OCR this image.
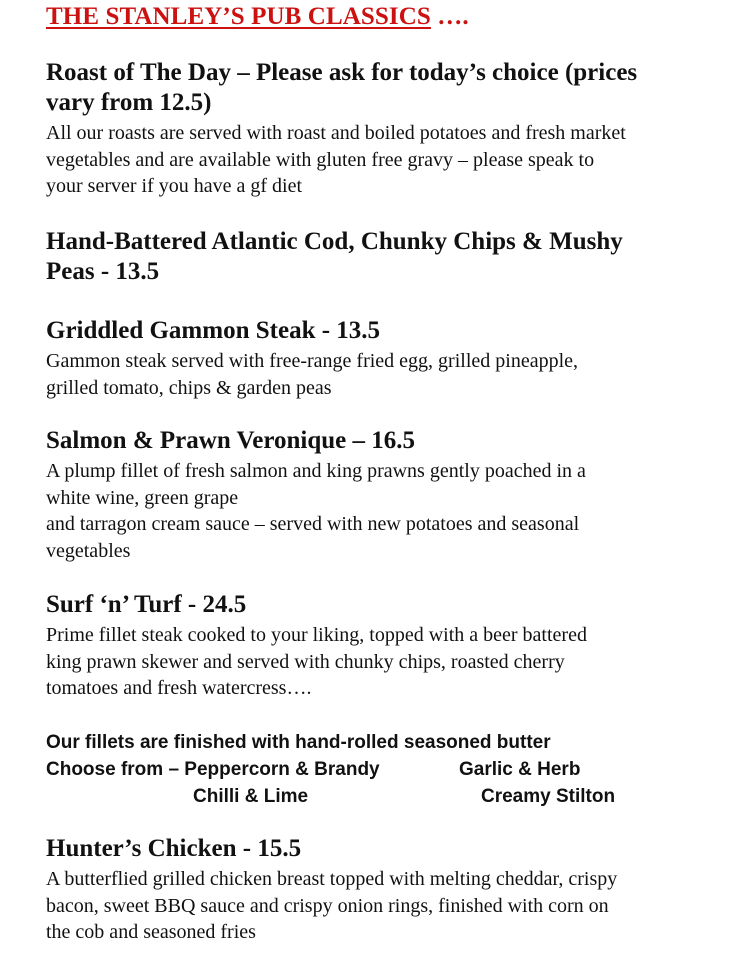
THE STANLEY’S PUB CLASSICS ….
Roast of The Day – Please ask for today’s choice (prices
vary from 12.5)
All our roasts are served with roast and boiled potatoes and fresh market
vegetables and are available with gluten free gravy – please speak to
your server if you have a gf diet
Hand-Battered Atlantic Cod, Chunky Chips & Mushy
Peas - 13.5
Griddled Gammon Steak - 13.5
Gammon steak served with free-range fried egg, grilled pineapple,
grilled tomato, chips & garden peas
Salmon & Prawn Veronique – 16.5
A plump fillet of fresh salmon and king prawns gently poached in a
white wine, green grape
and tarragon cream sauce – served with new potatoes and seasonal
vegetables
Surf ‘n’ Turf - 24.5
Prime fillet steak cooked to your liking, topped with a beer battered
king prawn skewer and served with chunky chips, roasted cherry
tomatoes and fresh watercress….
Our fillets are finished with hand-rolled seasoned butter
Choose from – Peppercorn & Brandy	Garlic & Herb
Chilli & Lime	Creamy Stilton
Hunter’s Chicken - 15.5
A butterflied grilled chicken breast topped with melting cheddar, crispy
bacon, sweet BBQ sauce and crispy onion rings, finished with corn on
the cob and seasoned fries
